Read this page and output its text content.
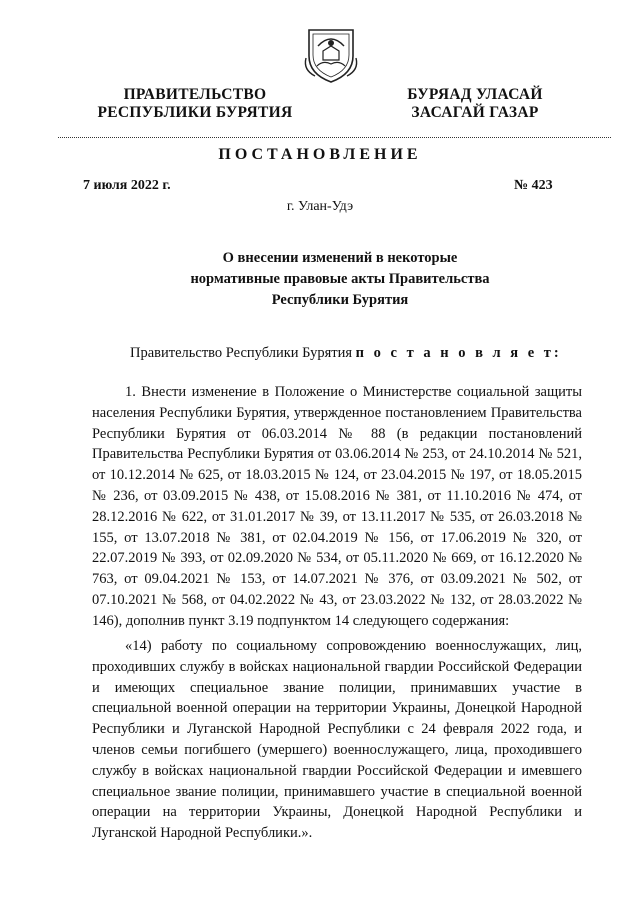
ПРАВИТЕЛЬСТВО
РЕСПУБЛИКИ БУРЯТИЯ
БУРЯАД УЛАСАЙ
ЗАСАГАЙ ГАЗАР
ПОСТАНОВЛЕНИЕ
7 июля 2022 г.	№ 423
г. Улан-Удэ
О внесении изменений в некоторые
нормативные правовые акты Правительства
Республики Бурятия
Правительство Республики Бурятия п о с т а н о в л я е т:

1. Внести изменение в Положение о Министерстве социальной защиты населения Республики Бурятия, утвержденное постановлением Правительства Республики Бурятия от 06.03.2014 № 88 (в редакции постановлений Правительства Республики Бурятия от 03.06.2014 № 253, от 24.10.2014 № 521, от 10.12.2014 № 625, от 18.03.2015 № 124, от 23.04.2015 № 197, от 18.05.2015 № 236, от 03.09.2015 № 438, от 15.08.2016 № 381, от 11.10.2016 № 474, от 28.12.2016 № 622, от 31.01.2017 № 39, от 13.11.2017 № 535, от 26.03.2018 № 155, от 13.07.2018 № 381, от 02.04.2019 № 156, от 17.06.2019 № 320, от 22.07.2019 № 393, от 02.09.2020 № 534, от 05.11.2020 № 669, от 16.12.2020 № 763, от 09.04.2021 № 153, от 14.07.2021 № 376, от 03.09.2021 № 502, от 07.10.2021 № 568, от 04.02.2022 № 43, от 23.03.2022 № 132, от 28.03.2022 № 146), дополнив пункт 3.19 подпунктом 14 следующего содержания:

«14) работу по социальному сопровождению военнослужащих, лиц, проходивших службу в войсках национальной гвардии Российской Федерации и имеющих специальное звание полиции, принимавших участие в специальной военной операции на территории Украины, Донецкой Народной Республики и Луганской Народной Республики с 24 февраля 2022 года, и членов семьи погибшего (умершего) военнослужащего, лица, проходившего службу в войсках национальной гвардии Российской Федерации и имевшего специальное звание полиции, принимавшего участие в специальной военной операции на территории Украины, Донецкой Народной Республики и Луганской Народной Республики.».
